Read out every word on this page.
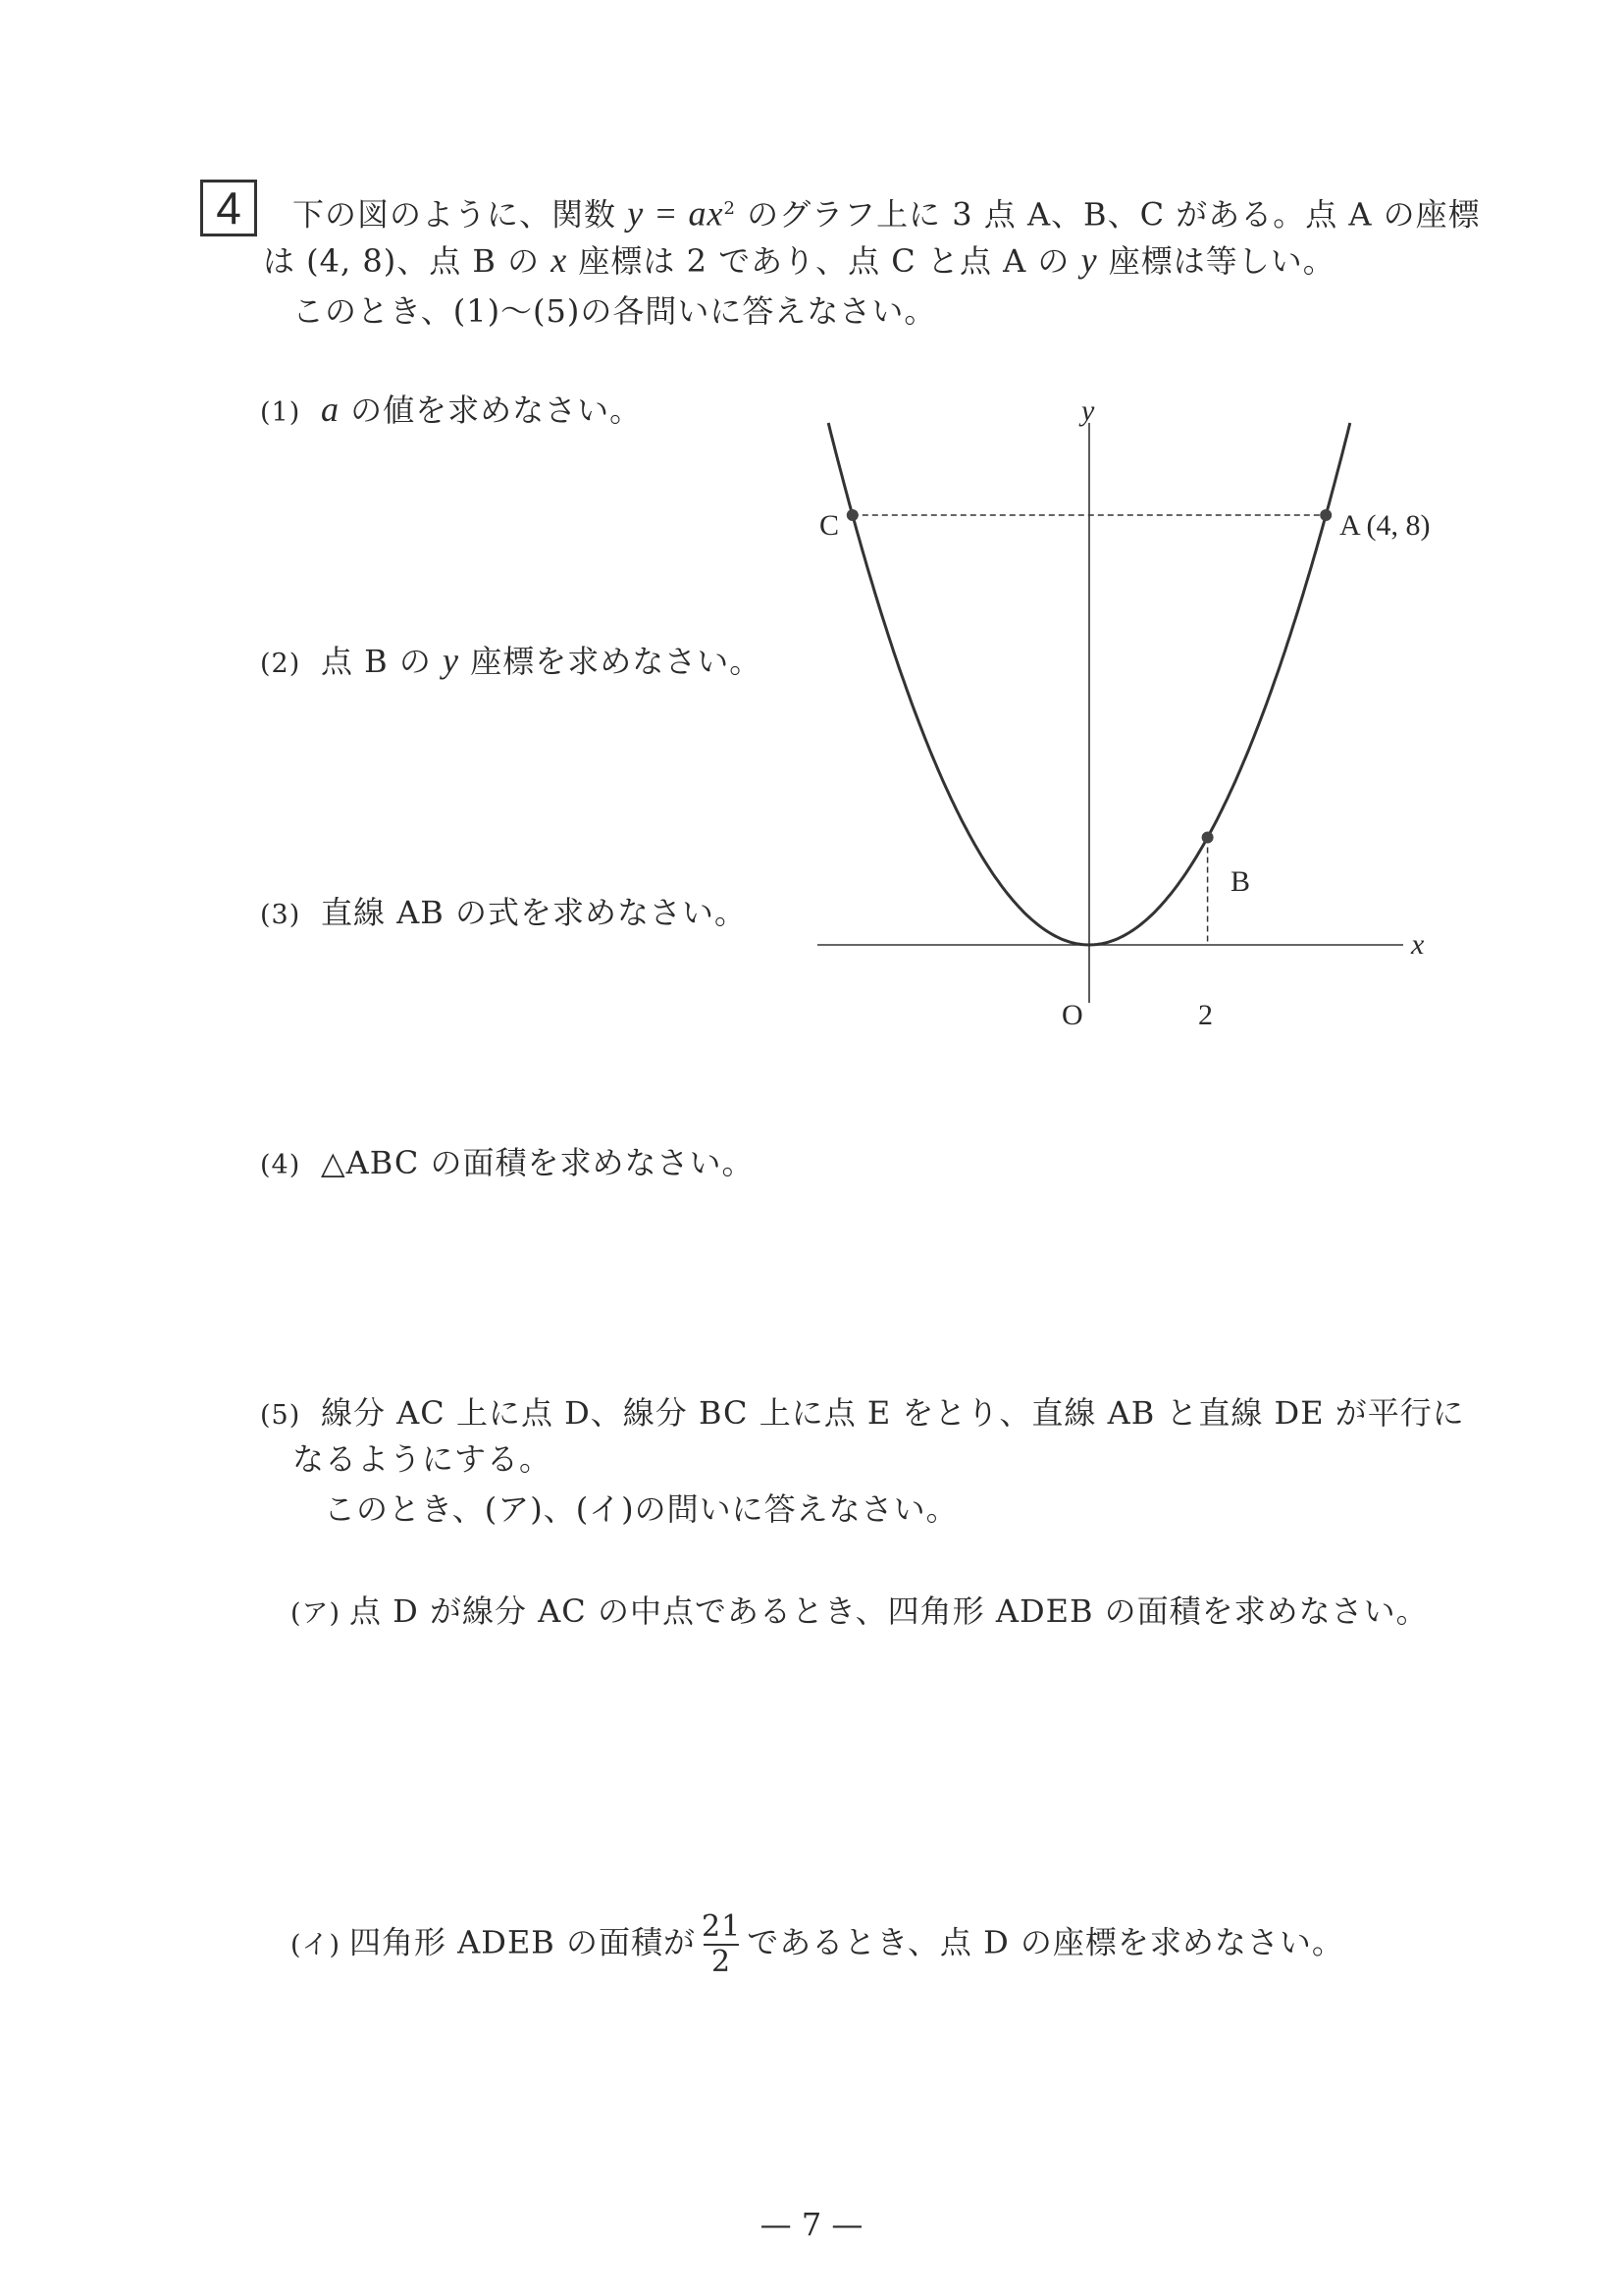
4	下の図のように、関数 $y = ax^2$ のグラフ上に 3 点 A、B、C がある。点 A の座標
は (4, 8)、点 B の x 座標は 2 であり、点 C と点 A の y 座標は等しい。
このとき、(1)〜(5)の各問いに答えなさい。
(1) a の値を求めなさい。
(2) 点 B の y 座標を求めなさい。
(3) 直線 AB の式を求めなさい。
(4) △ABC の面積を求めなさい。
(5) 線分 AC 上に点 D、線分 BC 上に点 E をとり、直線 AB と直線 DE が平行に
なるようにする。
このとき、(ア)、(イ)の問いに答えなさい。
(ア) 点 D が線分 AC の中点であるとき、四角形 ADEB の面積を求めなさい。
(イ) 四角形 ADEB の面積が $\frac{21}{2}$ であるとき、点 D の座標を求めなさい。
y
x
O	2
A (4, 8)
B
C
— 7 —
